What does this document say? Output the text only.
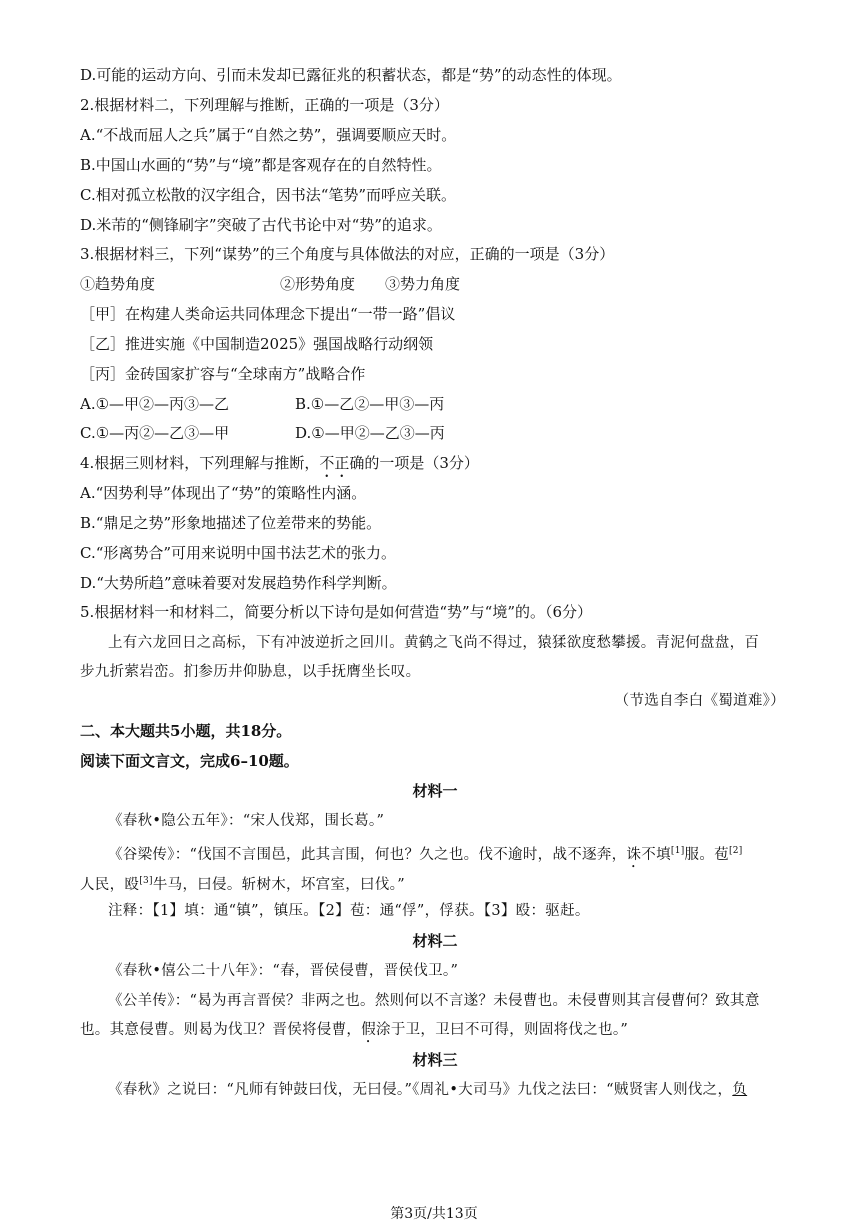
D.可能的运动方向、引而未发却已露征兆的积蓄状态，都是“势”的动态性的体现。
2.根据材料二，下列理解与推断，正确的一项是（3分）
A.“不战而屈人之兵”属于“自然之势”，强调要顺应天时。
B.中国山水画的“势”与“境”都是客观存在的自然特性。
C.相对孤立松散的汉字组合，因书法“笔势”而呼应关联。
D.米芾的“侧锋刷字”突破了古代书论中对“势”的追求。
3.根据材料三，下列“谋势”的三个角度与具体做法的对应，正确的一项是（3分）
①趋势角度	②形势角度 ③势力角度
［甲］在构建人类命运共同体理念下提出“一带一路”倡议
［乙］推进实施《中国制造2025》强国战略行动纲领
［丙］金砖国家扩容与“全球南方”战略合作
A.①—甲②—丙③—乙	B.①—乙②—甲③—丙
C.①—丙②—乙③—甲	D.①—甲②—乙③—丙
4.根据三则材料，下列理解与推断，不正确的一项是（3分）
A.“因势利导”体现出了“势”的策略性内涵。
B.“鼎足之势”形象地描述了位差带来的势能。
C.“形离势合”可用来说明中国书法艺术的张力。
D.“大势所趋”意味着要对发展趋势作科学判断。
5.根据材料一和材料二，简要分析以下诗句是如何营造“势”与“境”的。（6分）
上有六龙回日之高标，下有冲波逆折之回川。黄鹤之飞尚不得过，猿猱欲度愁攀援。青泥何盘盘，百
步九折萦岩峦。扪参历井仰胁息，以手抚膺坐长叹。
（节选自李白《蜀道难》）
二、本大题共5小题，共18分。
阅读下面文言文，完成6–10题。
材料一
《春秋•隐公五年》：“宋人伐郑，围长葛。”
《谷梁传》：“伐国不言围邑，此其言围，何也？久之也。伐不逾时，战不逐奔，诛不填[1]服。苞[2]
人民，殴[3]牛马，曰侵。斩树木，坏宫室，曰伐。”
注释：【1】填：通“镇”，镇压。【2】苞：通“俘”，俘获。【3】殴：驱赶。
材料二
《春秋•僖公二十八年》：“春，晋侯侵曹，晋侯伐卫。”
《公羊传》：“曷为再言晋侯？非两之也。然则何以不言遂？未侵曹也。未侵曹则其言侵曹何？致其意
也。其意侵曹。则曷为伐卫？晋侯将侵曹，假涂于卫，卫曰不可得，则固将伐之也。”
材料三
《春秋》之说曰：“凡师有钟鼓曰伐，无曰侵。”《周礼•大司马》九伐之法曰：“贼贤害人则伐之，负
第3页/共13页
